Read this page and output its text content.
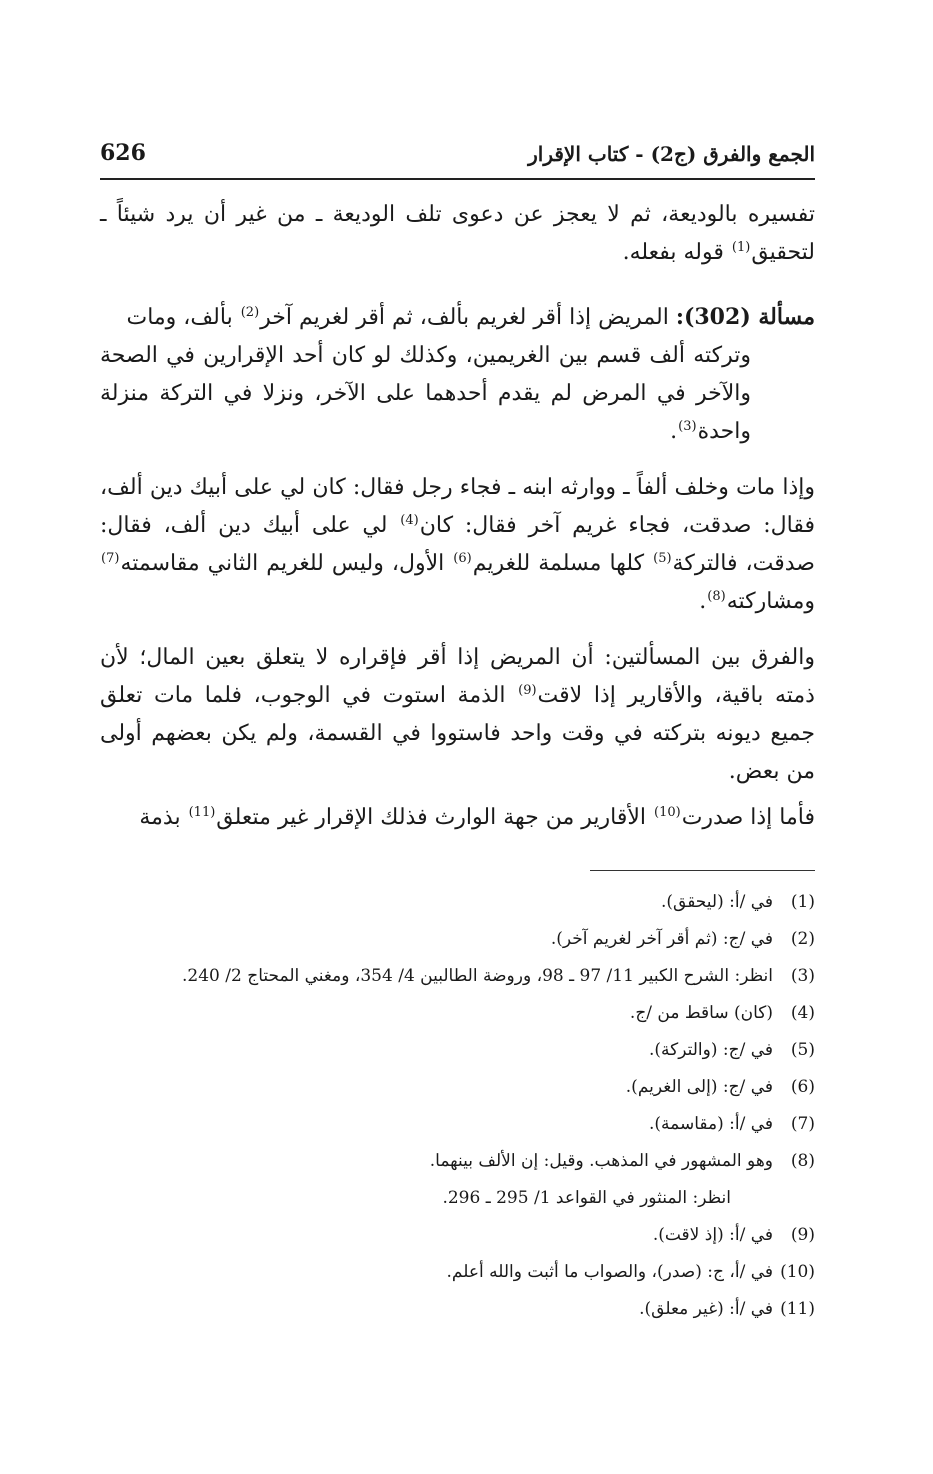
626	الجمع والفرق (ج2) - كتاب الإقرار

تفسيره بالوديعة، ثم لا يعجز عن دعوى تلف الوديعة ـ من غير أن يرد شيئاً ـ لتحقيق$^{(1)}$ قوله بفعله.

مسألة (302): المريض إذا أقر لغريم بألف، ثم أقر لغريم آخر$^{(2)}$ بألف، ومات
وتركته ألف قسم بين الغريمين، وكذلك لو كان أحد الإقرارين في الصحة والآخر في المرض لم يقدم أحدهما على الآخر، ونزلا في التركة منزلة واحدة$^{(3)}$.

وإذا مات وخلف ألفاً ـ ووارثه ابنه ـ فجاء رجل فقال: كان لي على أبيك دين ألف، فقال: صدقت، فجاء غريم آخر فقال: كان$^{(4)}$ لي على أبيك دين ألف، فقال: صدقت، فالتركة$^{(5)}$ كلها مسلمة للغريم$^{(6)}$ الأول، وليس للغريم الثاني مقاسمته$^{(7)}$ ومشاركته$^{(8)}$.

والفرق بين المسألتين: أن المريض إذا أقر فإقراره لا يتعلق بعين المال؛ لأن ذمته باقية، والأقارير إذا لاقت$^{(9)}$ الذمة استوت في الوجوب، فلما مات تعلق جميع ديونه بتركته في وقت واحد فاستووا في القسمة، ولم يكن بعضهم أولى من بعض.

فأما إذا صدرت$^{(10)}$ الأقارير من جهة الوارث فذلك الإقرار غير متعلق$^{(11)}$ بذمة

(1)
في /أ: (ليحقق).
(2)
في /ج: (ثم أقر آخر لغريم آخر).
(3)
انظر: الشرح الكبير 11/ 97 ـ 98، وروضة الطالبين 4/ 354، ومغني المحتاج 2/ 240.
(4)
(كان) ساقط من /ج.
(5)
في /ج: (والتركة).
(6)
في /ج: (إلى الغريم).
(7)
في /أ: (مقاسمة).
(8)
وهو المشهور في المذهب. وقيل: إن الألف بينهما.
انظر: المنثور في القواعد 1/ 295 ـ 296.
(9)
في /أ: (إذ لاقت).
(10)
في /أ، ج: (صدر)، والصواب ما أثبت والله أعلم.
(11)
في /أ: (غير معلق).
